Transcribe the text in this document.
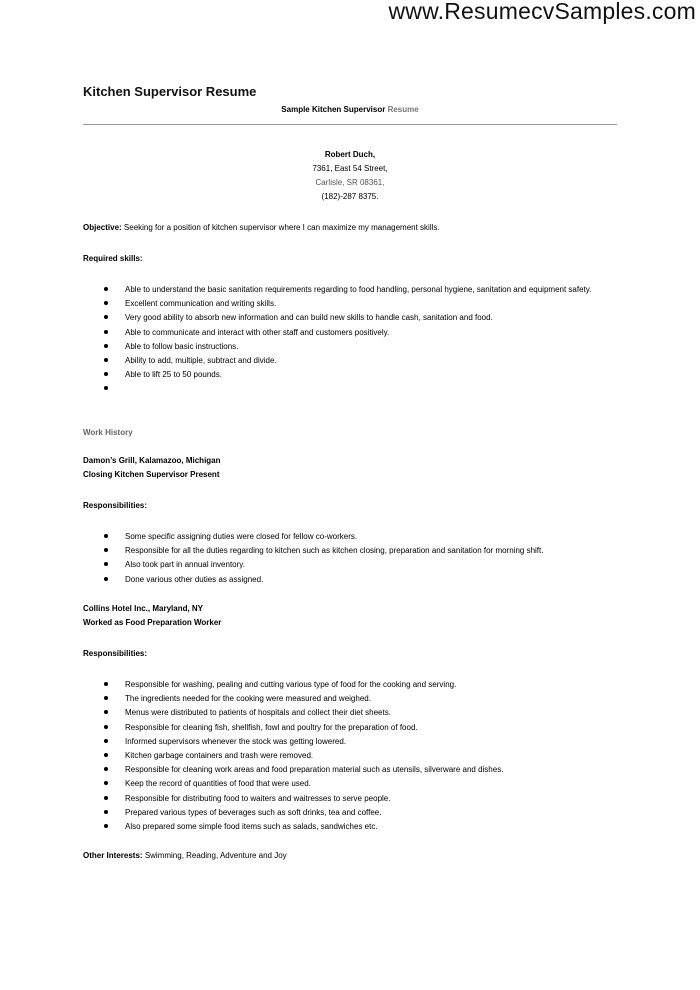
www.ResumecvSamples.com
Kitchen Supervisor Resume
Sample Kitchen Supervisor Resume
Robert Duch,
7361, East 54 Street,
Carlisle, SR 08361,
(182)-287 8375.
Objective: Seeking for a position of kitchen supervisor where I can maximize my management skills.
Required skills:
Able to understand the basic sanitation requirements regarding to food handling, personal hygiene, sanitation and equipment safety.
Excellent communication and writing skills.
Very good ability to absorb new information and can build new skills to handle cash, sanitation and food.
Able to communicate and interact with other staff and customers positively.
Able to follow basic instructions.
Ability to add, multiple, subtract and divide.
Able to lift 25 to 50 pounds.
Work History
Damon’s Grill, Kalamazoo, Michigan
Closing Kitchen Supervisor Present
Responsibilities:
Some specific assigning duties were closed for fellow co-workers.
Responsible for all the duties regarding to kitchen such as kitchen closing, preparation and sanitation for morning shift.
Also took part in annual inventory.
Done various other duties as assigned.
Collins Hotel Inc., Maryland, NY
Worked as Food Preparation Worker
Responsibilities:
Responsible for washing, pealing and cutting various type of food for the cooking and serving.
The ingredients needed for the cooking were measured and weighed.
Menus were distributed to patients of hospitals and collect their diet sheets.
Responsible for cleaning fish, shellfish, fowl and poultry for the preparation of food.
Informed supervisors whenever the stock was getting lowered.
Kitchen garbage containers and trash were removed.
Responsible for cleaning work areas and food preparation material such as utensils, silverware and dishes.
Keep the record of quantities of food that were used.
Responsible for distributing food to waiters and waitresses to serve people.
Prepared various types of beverages such as soft drinks, tea and coffee.
Also prepared some simple food items such as salads, sandwiches etc.
Other Interests: Swimming, Reading, Adventure and Joy
